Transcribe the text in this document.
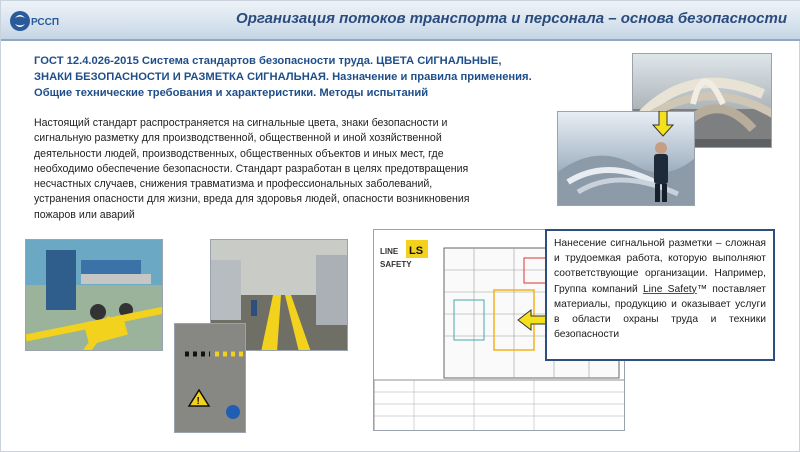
РССП	Организация потоков транспорта и персонала – основа безопасности
ГОСТ 12.4.026-2015 Система стандартов безопасности труда. ЦВЕТА СИГНАЛЬНЫЕ,
ЗНАКИ БЕЗОПАСНОСТИ И РАЗМЕТКА СИГНАЛЬНАЯ. Назначение и правила применения.
Общие технические требования и характеристики. Методы испытаний
Настоящий стандарт распространяется на сигнальные цвета, знаки безопасности и
сигнальную разметку для производственной, общественной и иной хозяйственной
деятельности людей, производственных, общественных объектов и иных мест, где
необходимо обеспечение безопасности. Стандарт разработан в целях предотвращения
несчастных случаев, снижения травматизма и профессиональных заболеваний,
устранения опасности для жизни, вреда для здоровья людей, опасности возникновения
пожаров или аварий
!
LINE LS
SAFETY
Нанесение сигнальной разметки – сложная и трудоемкая работа, которую выполняют соответствующие организации. Например, Группа компаний Line Safety™ поставляет материалы, продукцию и оказывает услуги в области охраны труда и техники безопасности
